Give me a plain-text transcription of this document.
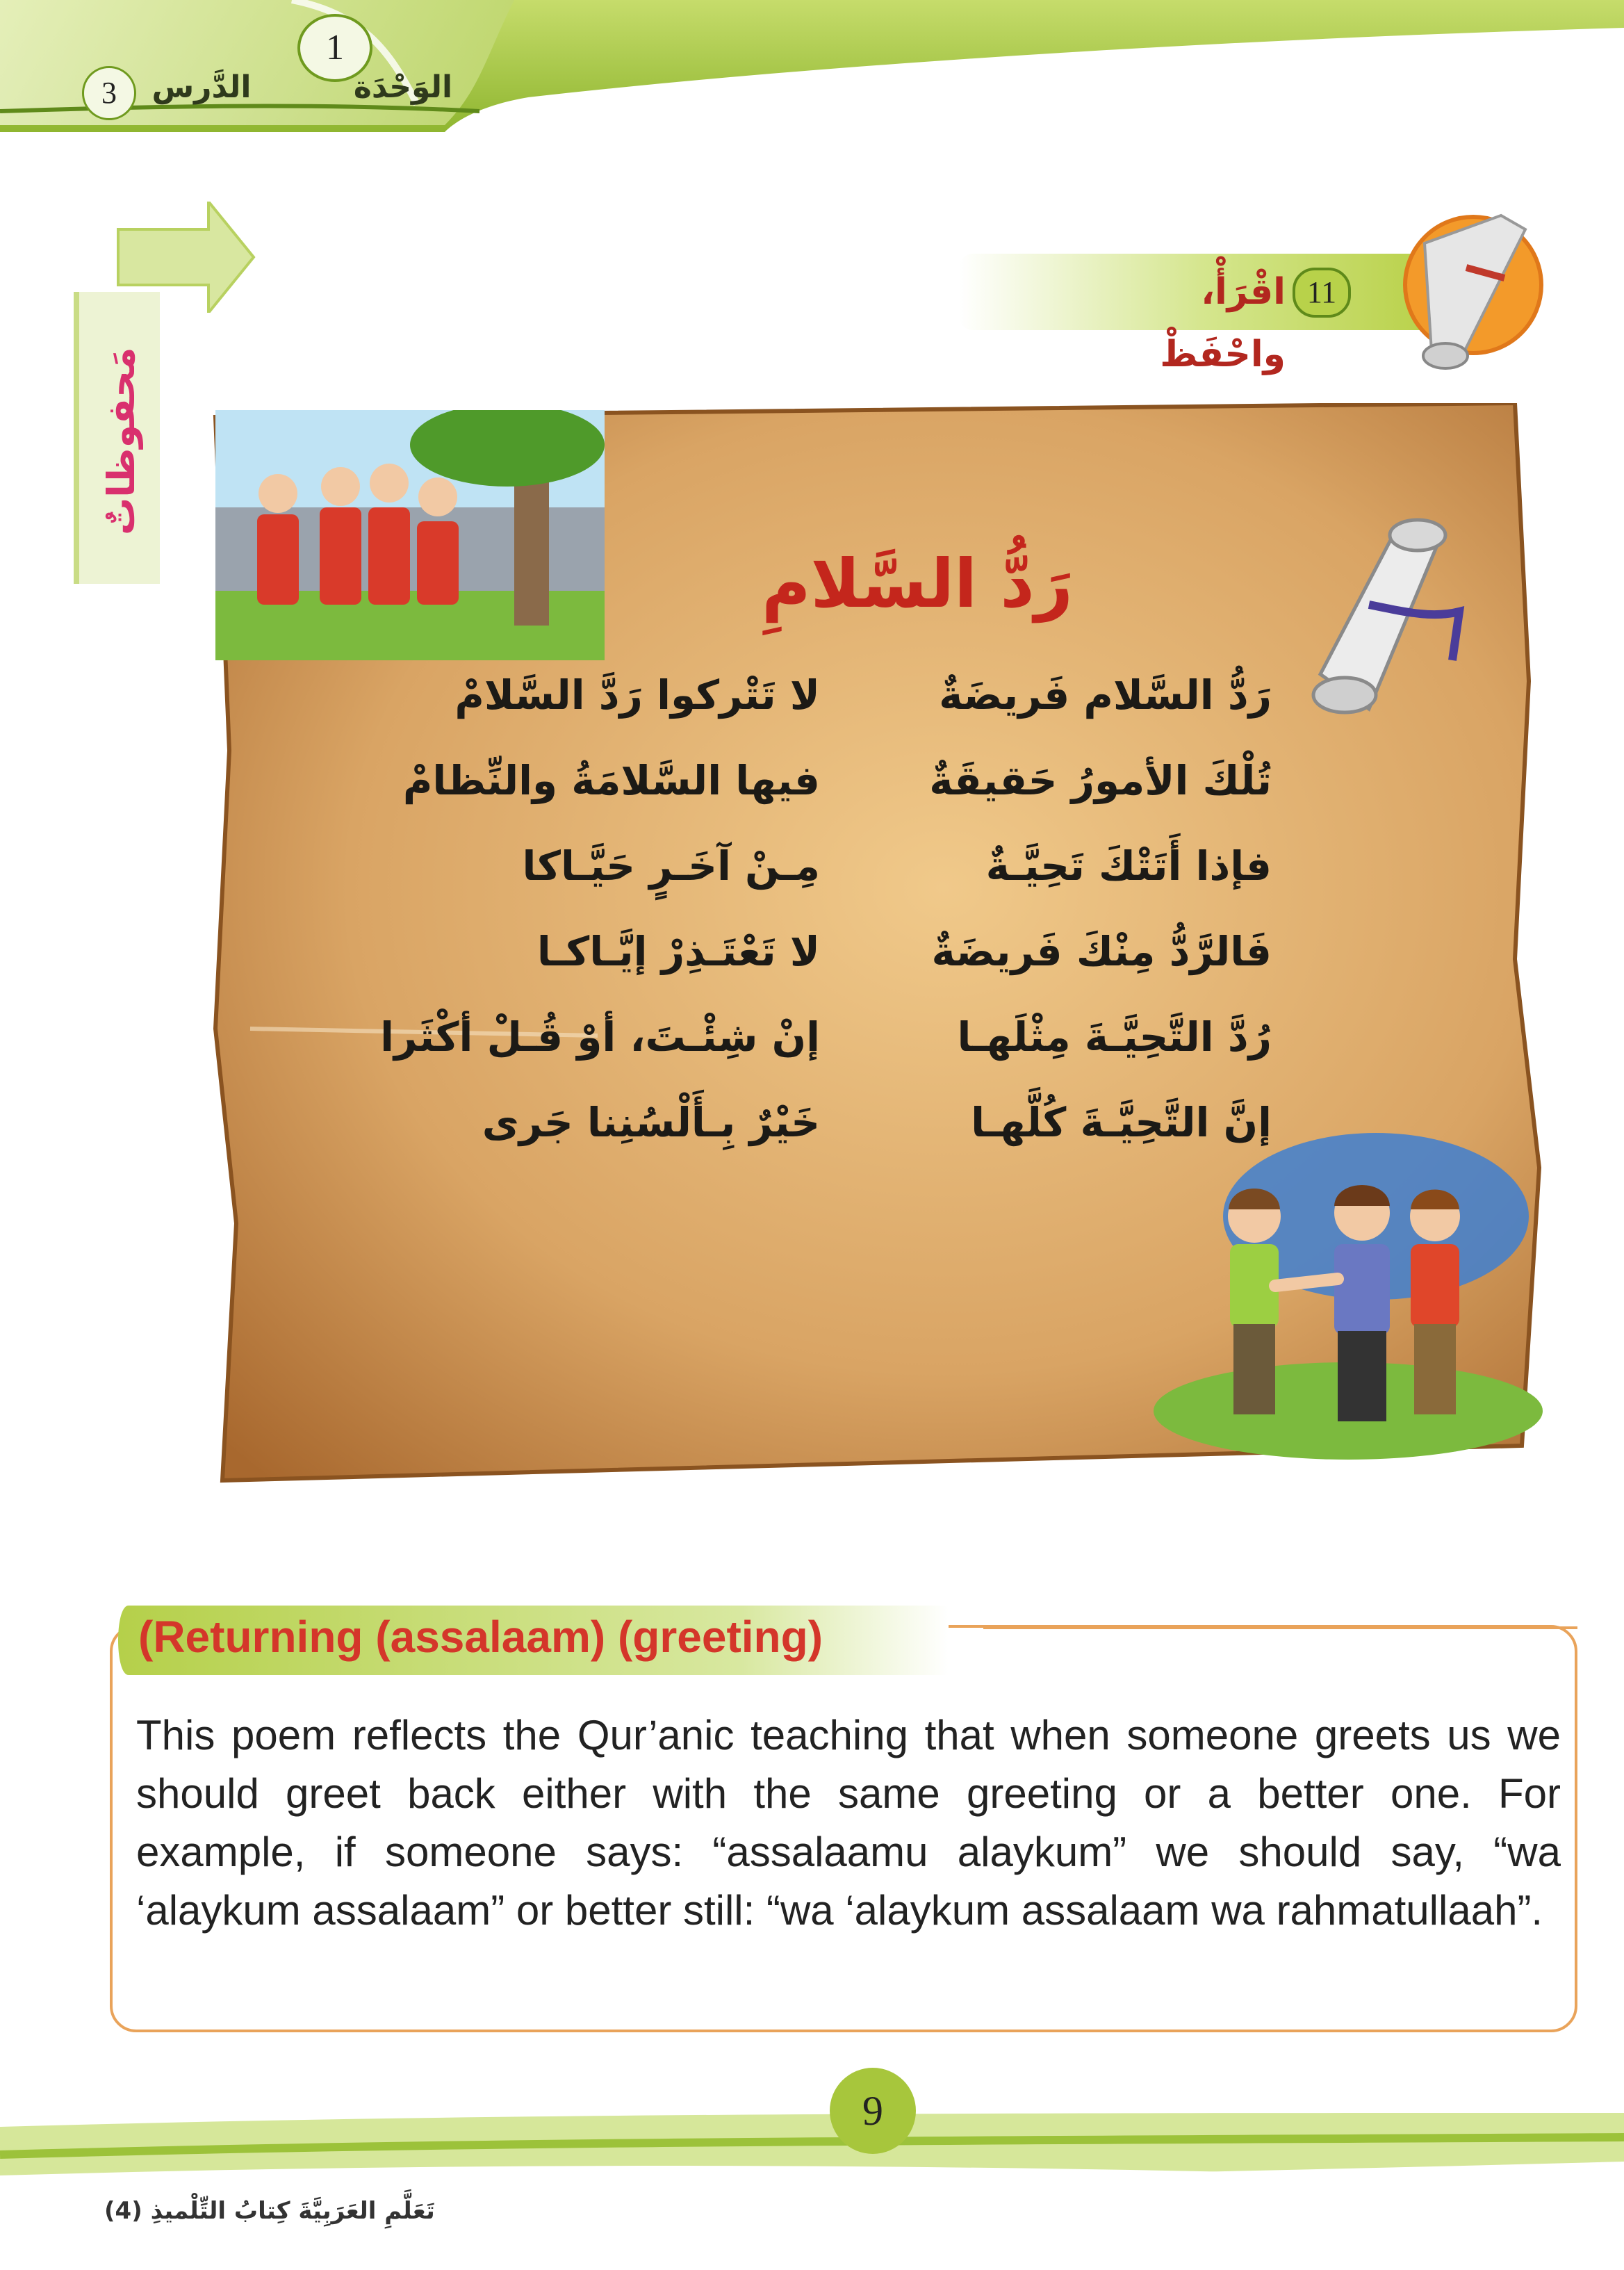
1
الوَحْدَة
الدَّرس
3
مَحفوظاتٌ
اقْرَأْ، واحْفَظْ
11
رَدُّ السَّلامِ
رَدُّ السَّلام فَريضَةٌ
لا تَتْركوا رَدَّ السَّلامْ
تُلْكَ الأمورُ حَقيقَةٌ
فيها السَّلامَةُ والنِّظامْ
فإذا أَتَتْكَ تَحِيَّـةٌ
مِـنْ آخَـرٍ حَيَّـاكا
فَالرَّدُّ مِنْكَ فَريضَةٌ
لا تَعْتَـذِرْ إيَّـاكـا
رُدَّ التَّحِيَّـةَ مِثْلَهـا
إنْ شِئْـتَ، أوْ قُـلْ أكْثَرا
إنَّ التَّحِيَّـةَ كُلَّهـا
خَيْرٌ بِـأَلْسُنِنا جَرى
(Returning (assalaam) (greeting)
This poem reflects the Qur’anic teaching that when someone greets us we should greet back either with the same greeting or a better one. For example, if someone says: “assalaamu alaykum” we should say, “wa ‘alaykum assalaam” or better still: “wa ‘alaykum assalaam wa rahmatullaah”.
9
تَعَلَّمِ العَرَبِيَّةَ كِتابُ التِّلْميذِ (4)
